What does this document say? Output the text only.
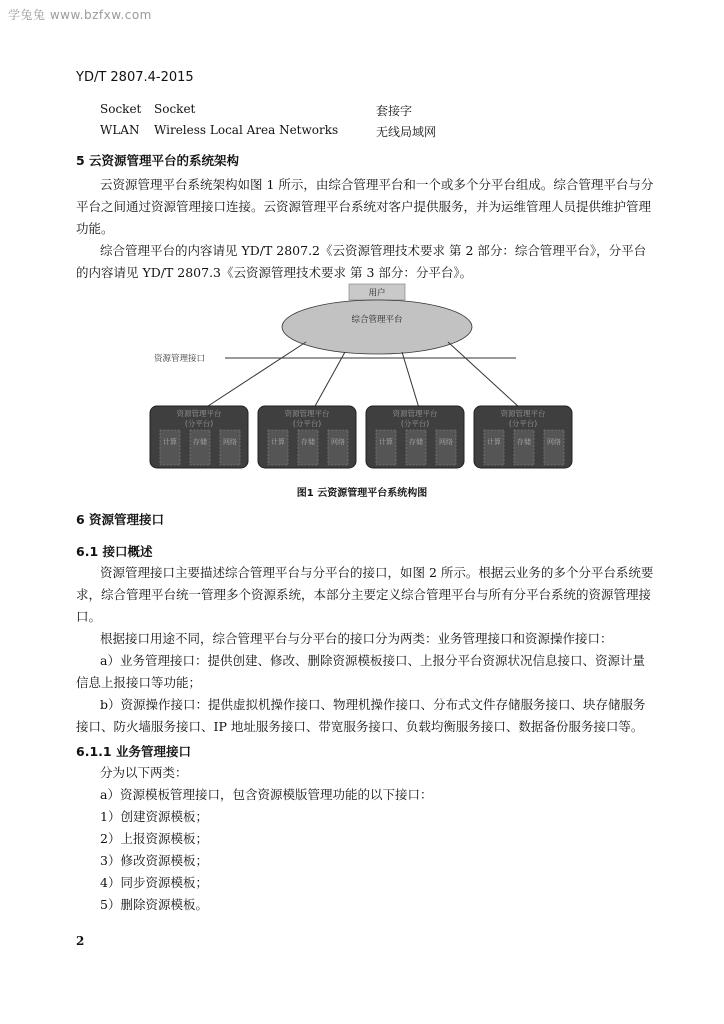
学兔兔 www.bzfxw.com
YD/T 2807.4-2015
Socket Socket	套接字
WLAN Wireless Local Area Networks	无线局域网
5 云资源管理平台的系统架构
云资源管理平台系统架构如图 1 所示，由综合管理平台和一个或多个分平台组成。综合管理平台与分平台之间通过资源管理接口连接。云资源管理平台系统对客户提供服务，并为运维管理人员提供维护管理功能。
综合管理平台的内容请见 YD/T 2807.2《云资源管理技术要求 第 2 部分：综合管理平台》，分平台的内容请见 YD/T 2807.3《云资源管理技术要求 第 3 部分：分平台》。
用户
综合管理平台
资源管理接口
资源管理平台
(分平台)
计算 存储 网络
资源管理平台
(分平台)
计算 存储 网络
资源管理平台
(分平台)
计算 存储 网络
资源管理平台
(分平台)
计算 存储 网络
图1 云资源管理平台系统构图
6 资源管理接口
6.1 接口概述
资源管理接口主要描述综合管理平台与分平台的接口，如图 2 所示。根据云业务的多个分平台系统要求，综合管理平台统一管理多个资源系统，本部分主要定义综合管理平台与所有分平台系统的资源管理接口。
根据接口用途不同，综合管理平台与分平台的接口分为两类：业务管理接口和资源操作接口：
a）业务管理接口：提供创建、修改、删除资源模板接口、上报分平台资源状况信息接口、资源计量信息上报接口等功能；
b）资源操作接口：提供虚拟机操作接口、物理机操作接口、分布式文件存储服务接口、块存储服务接口、防火墙服务接口、IP 地址服务接口、带宽服务接口、负载均衡服务接口、数据备份服务接口等。
6.1.1 业务管理接口
分为以下两类：
a）资源模板管理接口，包含资源模版管理功能的以下接口：
1）创建资源模板；
2）上报资源模板；
3）修改资源模板；
4）同步资源模板；
5）删除资源模板。
2
